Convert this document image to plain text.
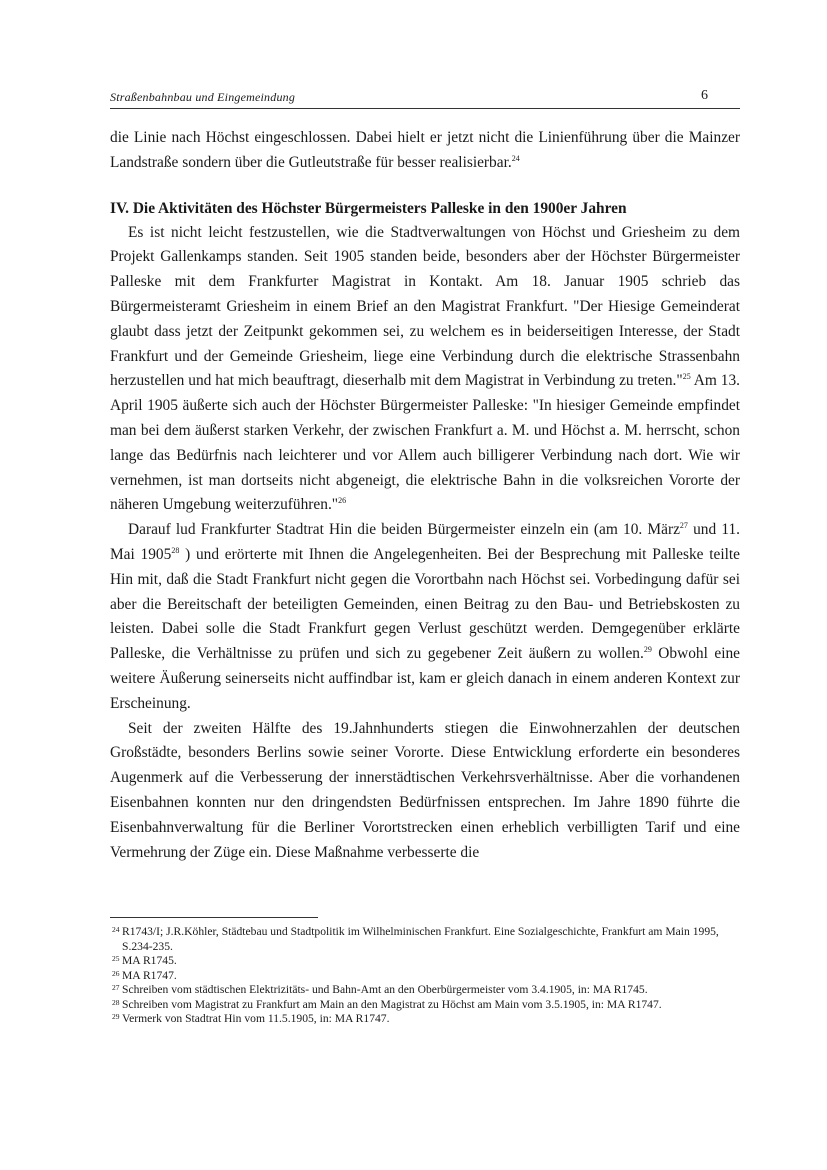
Straßenbahnbau und Eingemeindung	6

die Linie nach Höchst eingeschlossen. Dabei hielt er jetzt nicht die Linienführung über die Mainzer Landstraße sondern über die Gutleutstraße für besser realisierbar.$^{24}$

IV. Die Aktivitäten des Höchster Bürgermeisters Palleske in den 1900er Jahren

Es ist nicht leicht festzustellen, wie die Stadtverwaltungen von Höchst und Griesheim zu dem Projekt Gallenkamps standen. Seit 1905 standen beide, besonders aber der Höchster Bürgermeister Palleske mit dem Frankfurter Magistrat in Kontakt. Am 18. Januar 1905 schrieb das Bürgermeisteramt Griesheim in einem Brief an den Magistrat Frankfurt. "Der Hiesige Gemeinderat glaubt dass jetzt der Zeitpunkt gekommen sei, zu welchem es in beiderseitigen Interesse, der Stadt Frankfurt und der Gemeinde Griesheim, liege eine Verbindung durch die elektrische Strassenbahn herzustellen und hat mich beauftragt, dieserhalb mit dem Magistrat in Verbindung zu treten."$^{25}$ Am 13. April 1905 äußerte sich auch der Höchster Bürgermeister Palleske: "In hiesiger Gemeinde empfindet man bei dem äußerst starken Verkehr, der zwischen Frankfurt a. M. und Höchst a. M. herrscht, schon lange das Bedürfnis nach leichterer und vor Allem auch billigerer Verbindung nach dort. Wie wir vernehmen, ist man dortseits nicht abgeneigt, die elektrische Bahn in die volksreichen Vororte der näheren Umgebung weiterzuführen."$^{26}$

Darauf lud Frankfurter Stadtrat Hin die beiden Bürgermeister einzeln ein (am 10. März$^{27}$ und 11. Mai 1905$^{28}$ ) und erörterte mit Ihnen die Angelegenheiten. Bei der Besprechung mit Palleske teilte Hin mit, daß die Stadt Frankfurt nicht gegen die Vorortbahn nach Höchst sei. Vorbedingung dafür sei aber die Bereitschaft der beteiligten Gemeinden, einen Beitrag zu den Bau- und Betriebskosten zu leisten. Dabei solle die Stadt Frankfurt gegen Verlust geschützt werden. Demgegenüber erklärte Palleske, die Verhältnisse zu prüfen und sich zu gegebener Zeit äußern zu wollen.$^{29}$ Obwohl eine weitere Äußerung seinerseits nicht auffindbar ist, kam er gleich danach in einem anderen Kontext zur Erscheinung.

Seit der zweiten Hälfte des 19.Jahnhunderts stiegen die Einwohnerzahlen der deutschen Großstädte, besonders Berlins sowie seiner Vororte. Diese Entwicklung erforderte ein besonderes Augenmerk auf die Verbesserung der innerstädtischen Verkehrsverhältnisse. Aber die vorhandenen Eisenbahnen konnten nur den dringendsten Bedürfnissen entsprechen. Im Jahre 1890 führte die Eisenbahnverwaltung für die Berliner Vorortstrecken einen erheblich verbilligten Tarif und eine Vermehrung der Züge ein. Diese Maßnahme verbesserte die

24 R1743/I; J.R.Köhler, Städtebau und Stadtpolitik im Wilhelminischen Frankfurt. Eine Sozialgeschichte, Frankfurt am Main 1995, S.234-235.
25 MA R1745.
26 MA R1747.
27 Schreiben vom städtischen Elektrizitäts- und Bahn-Amt an den Oberbürgermeister vom 3.4.1905, in: MA R1745.
28 Schreiben vom Magistrat zu Frankfurt am Main an den Magistrat zu Höchst am Main vom 3.5.1905, in: MA R1747.
29 Vermerk von Stadtrat Hin vom 11.5.1905, in: MA R1747.
